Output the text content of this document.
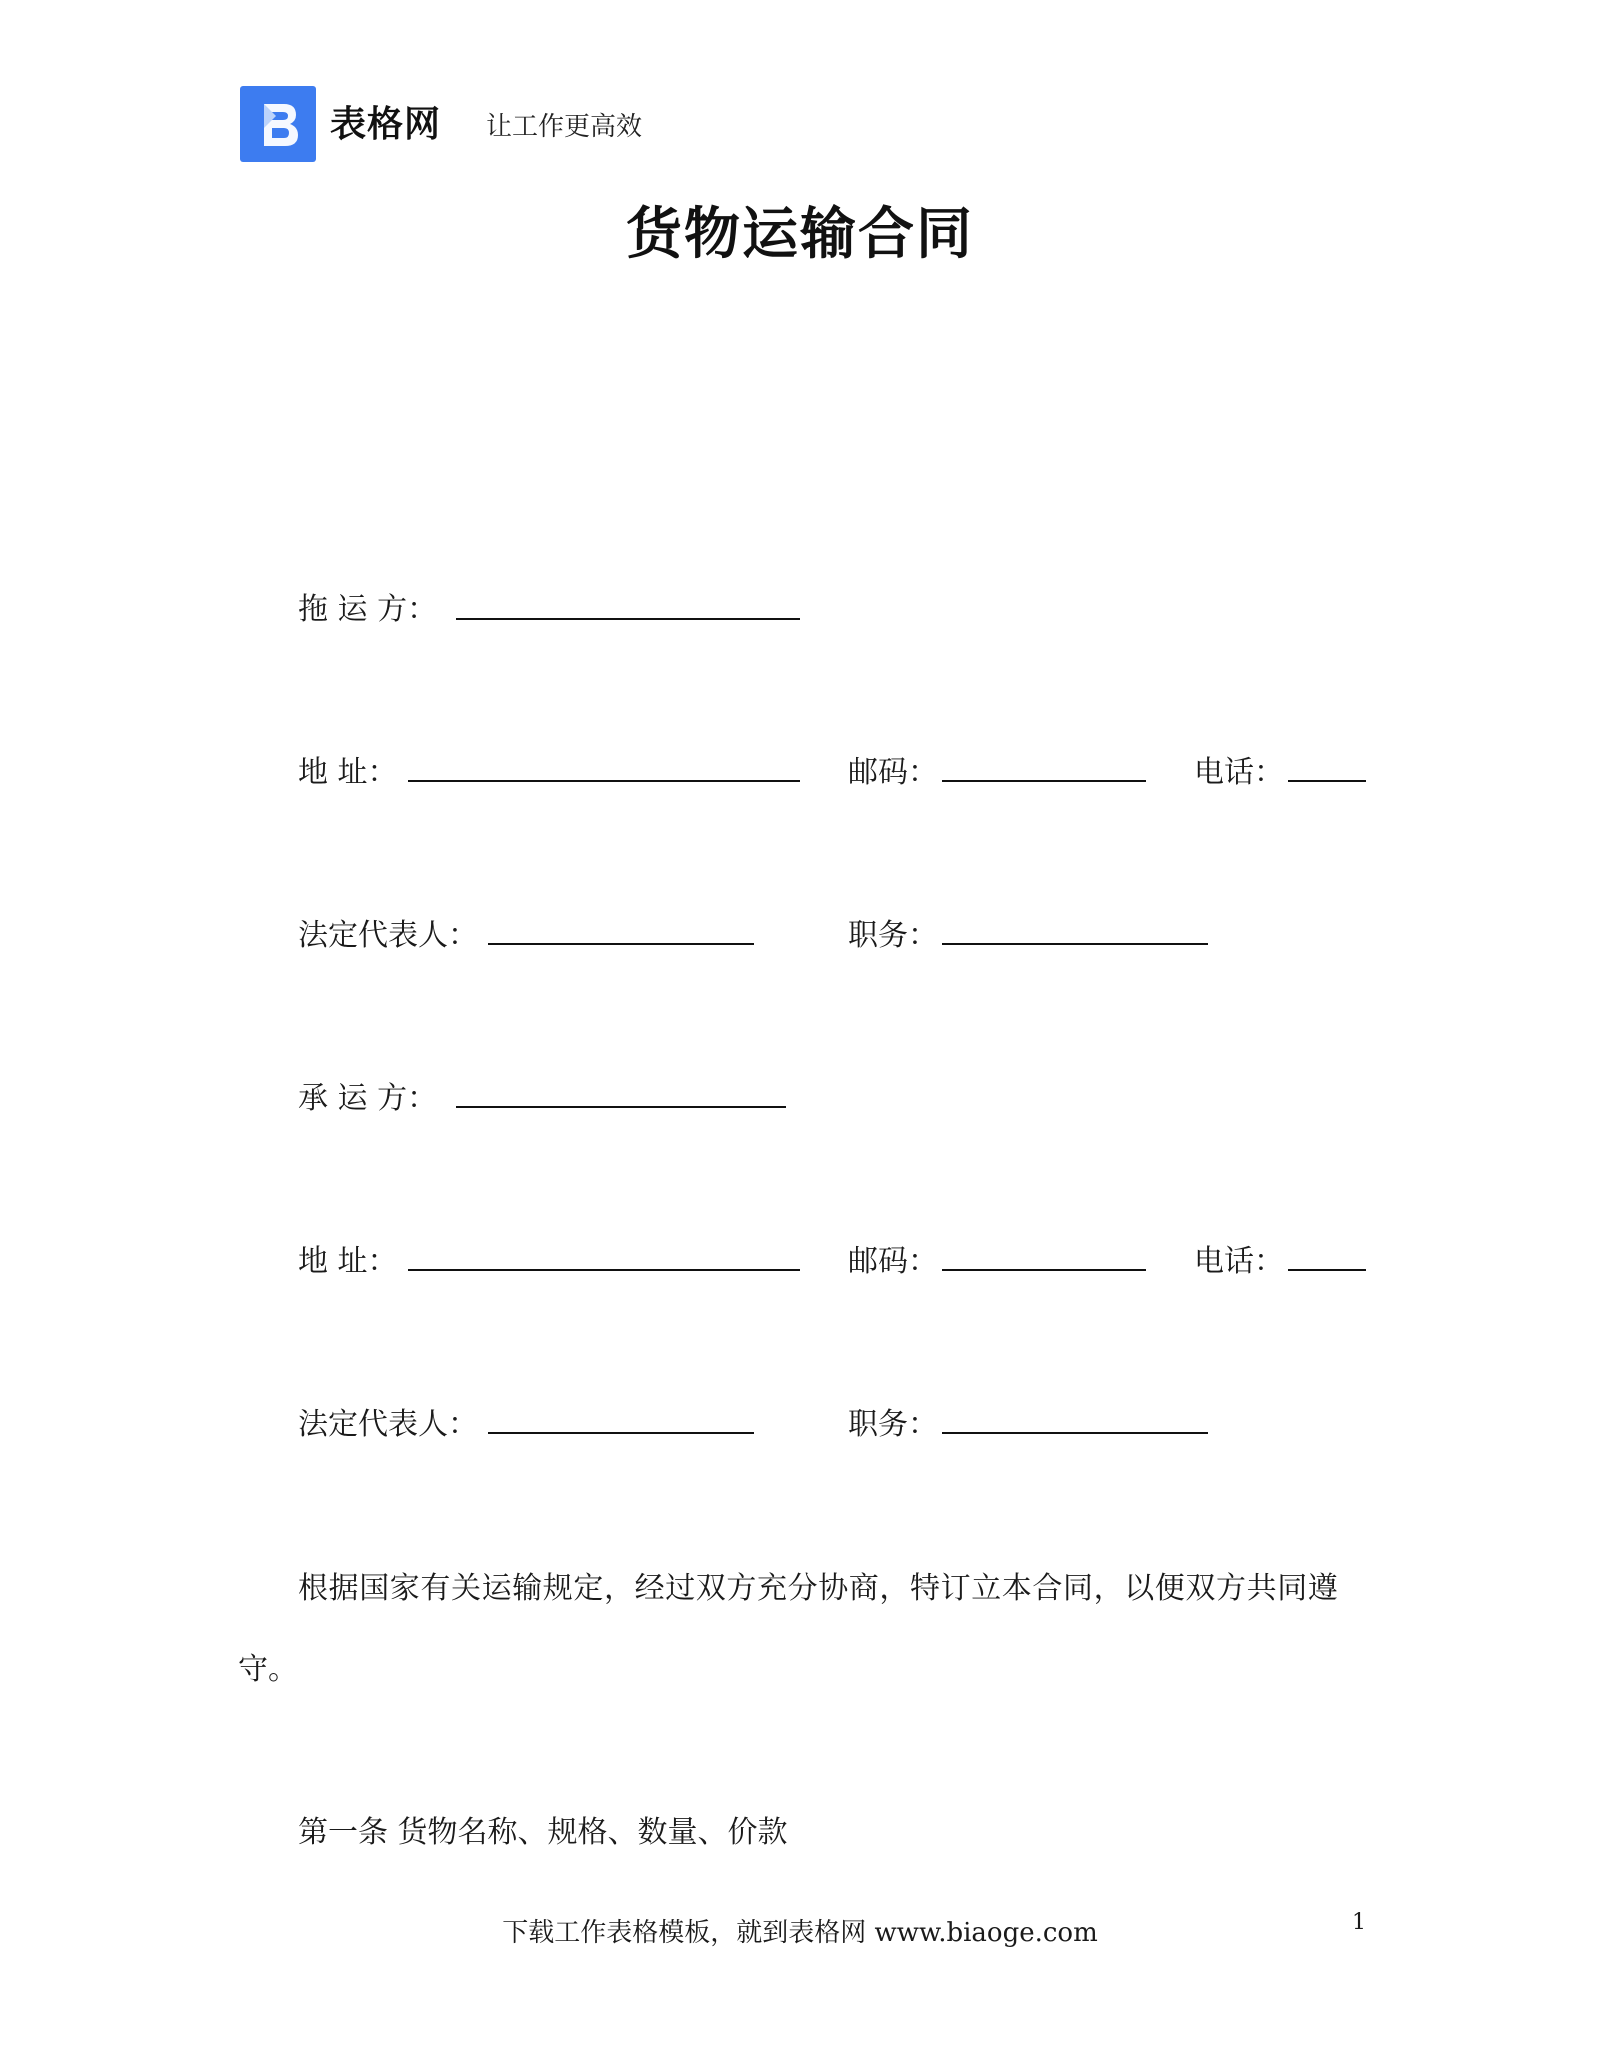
表格网 让工作更高效
货物运输合同
拖 运 方：
地 址：	邮码：	电话：
法定代表人：	职务：
承 运 方：
地 址：	邮码：	电话：
法定代表人：	职务：
根据国家有关运输规定，经过双方充分协商，特订立本合同，以便双方共同遵
守。
第一条 货物名称、规格、数量、价款
下载工作表格模板，就到表格网 www.biaoge.com	1
